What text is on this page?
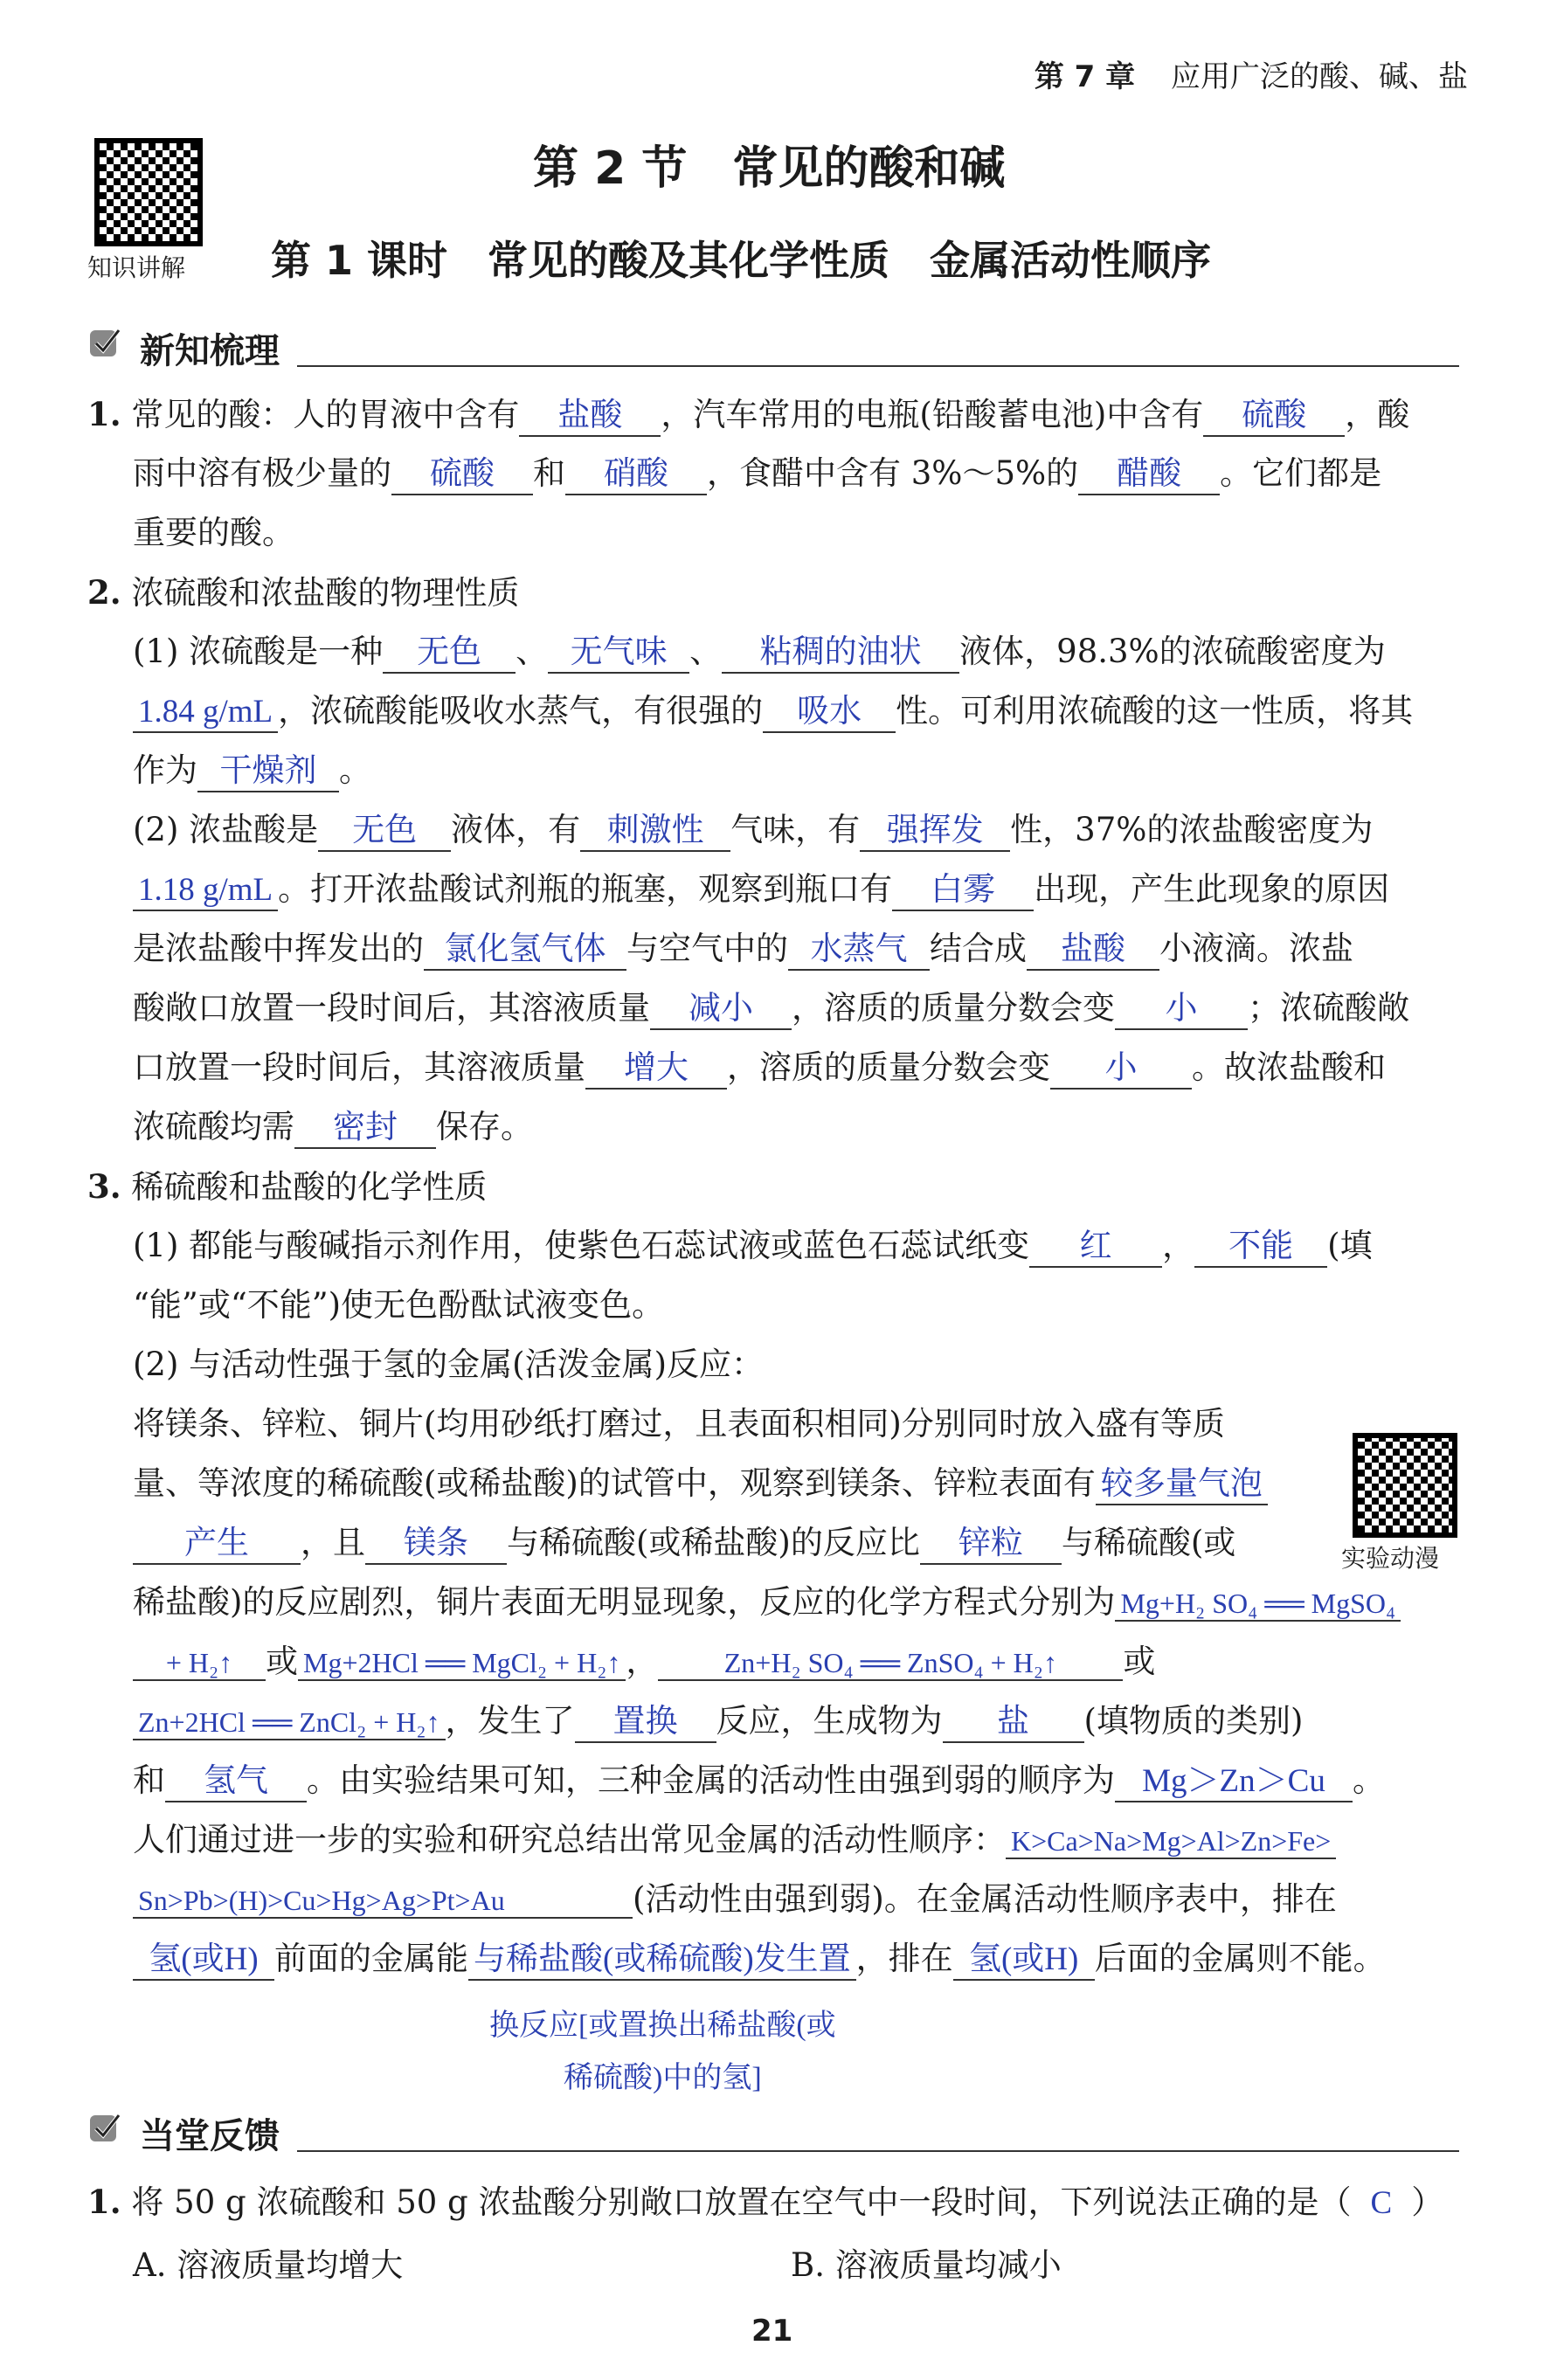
第 7 章 应用广泛的酸、碱、盐
知识讲解
第 2 节　常见的酸和碱
第 1 课时　常见的酸及其化学性质　金属活动性顺序
新知梳理
1. 常见的酸：人的胃液中含有 盐酸 ，汽车常用的电瓶(铅酸蓄电池)中含有 硫酸 ，酸
雨中溶有极少量的 硫酸 和 硝酸 ，食醋中含有 3%～5%的 醋酸 。它们都是
重要的酸。
2. 浓硫酸和浓盐酸的物理性质
(1) 浓硫酸是一种 无色 、 无气味 、 粘稠的油状 液体，98.3%的浓硫酸密度为
1.84 g/mL ，浓硫酸能吸收水蒸气，有很强的 吸水 性。可利用浓硫酸的这一性质，将其
作为 干燥剂 。
(2) 浓盐酸是 无色 液体，有 刺激性 气味，有 强挥发 性，37%的浓盐酸密度为
1.18 g/mL 。打开浓盐酸试剂瓶的瓶塞，观察到瓶口有 白雾 出现，产生此现象的原因
是浓盐酸中挥发出的 氯化氢气体 与空气中的 水蒸气 结合成 盐酸 小液滴。浓盐
酸敞口放置一段时间后，其溶液质量 减小 ，溶质的质量分数会变 小 ；浓硫酸敞
口放置一段时间后，其溶液质量 增大 ，溶质的质量分数会变 小 。故浓盐酸和
浓硫酸均需 密封 保存。
3. 稀硫酸和盐酸的化学性质
(1) 都能与酸碱指示剂作用，使紫色石蕊试液或蓝色石蕊试纸变 红 ， 不能 (填
“能”或“不能”)使无色酚酞试液变色。
(2) 与活动性强于氢的金属(活泼金属)反应：
将镁条、锌粒、铜片(均用砂纸打磨过，且表面积相同)分别同时放入盛有等质
实验动漫
量、等浓度的稀硫酸(或稀盐酸)的试管中，观察到镁条、锌粒表面有 较多量气泡
产生 ，且 镁条 与稀硫酸(或稀盐酸)的反应比 锌粒 与稀硫酸(或
稀盐酸)的反应剧烈，铜片表面无明显现象，反应的化学方程式分别为 Mg+H₂ SO₄ ══ MgSO₄
+ H₂↑ 或 Mg+2HCl ══ MgCl₂ + H₂↑ ， Zn+H₂ SO₄ ══ ZnSO₄ + H₂↑ 或
Zn+2HCl ══ ZnCl₂ + H₂↑ ，发生了 置换 反应，生成物为 盐 (填物质的类别)
和 氢气 。由实验结果可知，三种金属的活动性由强到弱的顺序为 Mg＞Zn＞Cu 。
人们通过进一步的实验和研究总结出常见金属的活动性顺序： K>Ca>Na>Mg>Al>Zn>Fe>
Sn>Pb>(H)>Cu>Hg>Ag>Pt>Au	(活动性由强到弱)。在金属活动性顺序表中，排在
氢(或H) 前面的金属能 与稀盐酸(或稀硫酸)发生置 ，排在 氢(或H) 后面的金属则不能。
换反应[或置换出稀盐酸(或
稀硫酸)中的氢]
当堂反馈
1. 将 50 g 浓硫酸和 50 g 浓盐酸分别敞口放置在空气中一段时间，下列说法正确的是（ C ）
A. 溶液质量均增大	B. 溶液质量均减小
21
